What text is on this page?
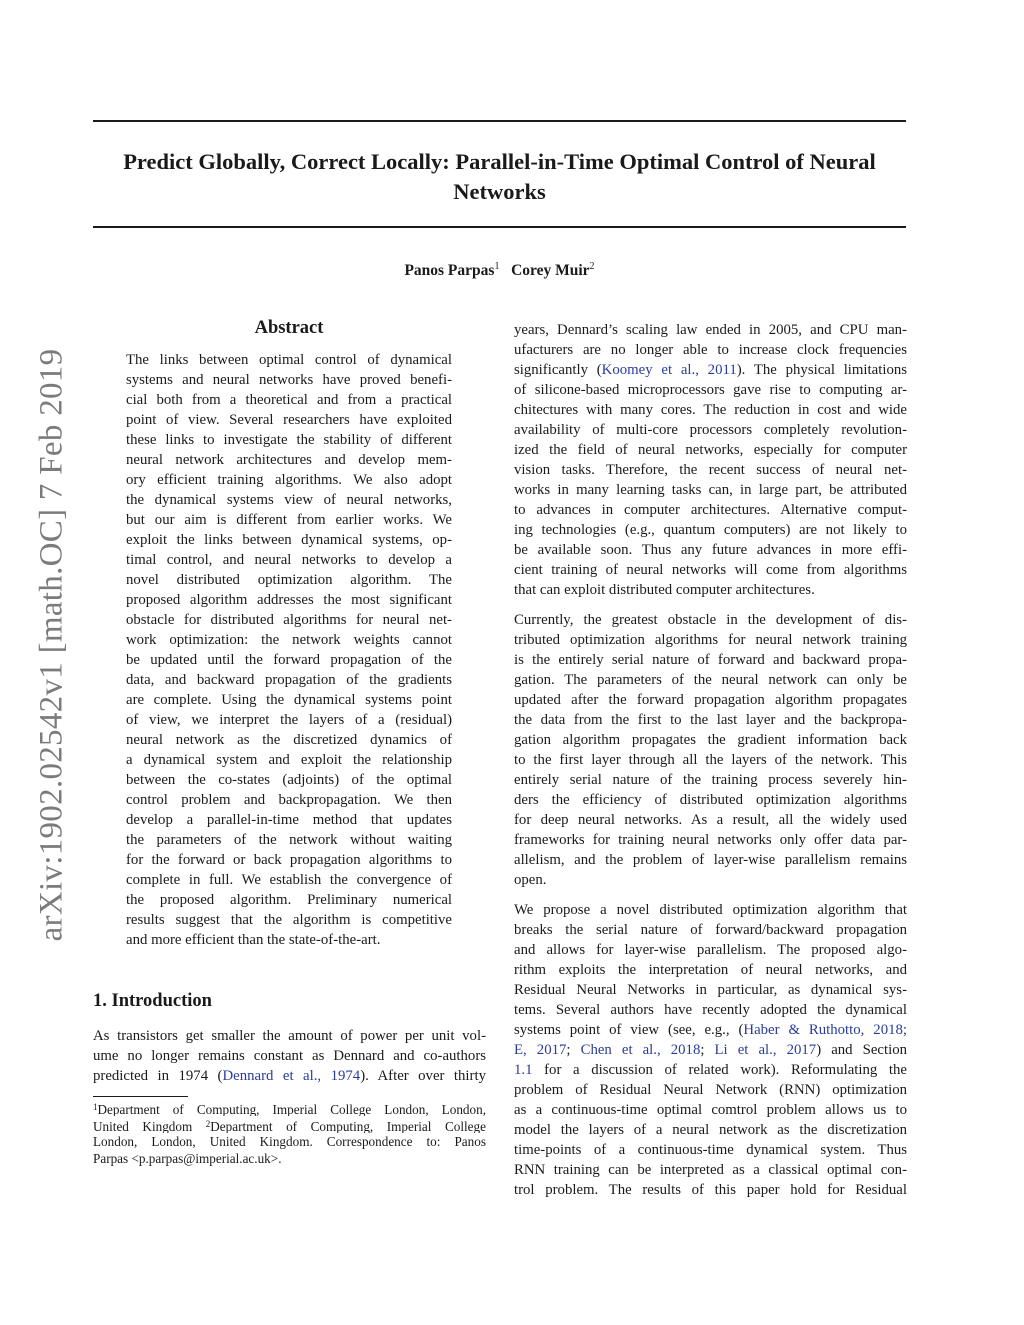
Predict Globally, Correct Locally: Parallel-in-Time Optimal Control of Neural
Networks
Panos Parpas$^1$ Corey Muir$^2$
arXiv:1902.02542v1 [math.OC] 7 Feb 2019
Abstract
The links between optimal control of dynamical
systems and neural networks have proved benefi-
cial both from a theoretical and from a practical
point of view. Several researchers have exploited
these links to investigate the stability of different
neural network architectures and develop mem-
ory efficient training algorithms. We also adopt
the dynamical systems view of neural networks,
but our aim is different from earlier works. We
exploit the links between dynamical systems, op-
timal control, and neural networks to develop a
novel distributed optimization algorithm. The
proposed algorithm addresses the most significant
obstacle for distributed algorithms for neural net-
work optimization: the network weights cannot
be updated until the forward propagation of the
data, and backward propagation of the gradients
are complete. Using the dynamical systems point
of view, we interpret the layers of a (residual)
neural network as the discretized dynamics of
a dynamical system and exploit the relationship
between the co-states (adjoints) of the optimal
control problem and backpropagation. We then
develop a parallel-in-time method that updates
the parameters of the network without waiting
for the forward or back propagation algorithms to
complete in full. We establish the convergence of
the proposed algorithm. Preliminary numerical
results suggest that the algorithm is competitive
and more efficient than the state-of-the-art.
1. Introduction
As transistors get smaller the amount of power per unit vol-
ume no longer remains constant as Dennard and co-authors
predicted in 1974 (Dennard et al., 1974). After over thirty
$^1$Department of Computing, Imperial College London, London,
United Kingdom $^2$Department of Computing, Imperial College
London, London, United Kingdom. Correspondence to: Panos
Parpas <p.parpas@imperial.ac.uk>.
years, Dennard’s scaling law ended in 2005, and CPU man-
ufacturers are no longer able to increase clock frequencies
significantly (Koomey et al., 2011). The physical limitations
of silicone-based microprocessors gave rise to computing ar-
chitectures with many cores. The reduction in cost and wide
availability of multi-core processors completely revolution-
ized the field of neural networks, especially for computer
vision tasks. Therefore, the recent success of neural net-
works in many learning tasks can, in large part, be attributed
to advances in computer architectures. Alternative comput-
ing technologies (e.g., quantum computers) are not likely to
be available soon. Thus any future advances in more effi-
cient training of neural networks will come from algorithms
that can exploit distributed computer architectures.
Currently, the greatest obstacle in the development of dis-
tributed optimization algorithms for neural network training
is the entirely serial nature of forward and backward propa-
gation. The parameters of the neural network can only be
updated after the forward propagation algorithm propagates
the data from the first to the last layer and the backpropa-
gation algorithm propagates the gradient information back
to the first layer through all the layers of the network. This
entirely serial nature of the training process severely hin-
ders the efficiency of distributed optimization algorithms
for deep neural networks. As a result, all the widely used
frameworks for training neural networks only offer data par-
allelism, and the problem of layer-wise parallelism remains
open.
We propose a novel distributed optimization algorithm that
breaks the serial nature of forward/backward propagation
and allows for layer-wise parallelism. The proposed algo-
rithm exploits the interpretation of neural networks, and
Residual Neural Networks in particular, as dynamical sys-
tems. Several authors have recently adopted the dynamical
systems point of view (see, e.g., (Haber & Ruthotto, 2018;
E, 2017; Chen et al., 2018; Li et al., 2017) and Section
1.1 for a discussion of related work). Reformulating the
problem of Residual Neural Network (RNN) optimization
as a continuous-time optimal comtrol problem allows us to
model the layers of a neural network as the discretization
time-points of a continuous-time dynamical system. Thus
RNN training can be interpreted as a classical optimal con-
trol problem. The results of this paper hold for Residual
